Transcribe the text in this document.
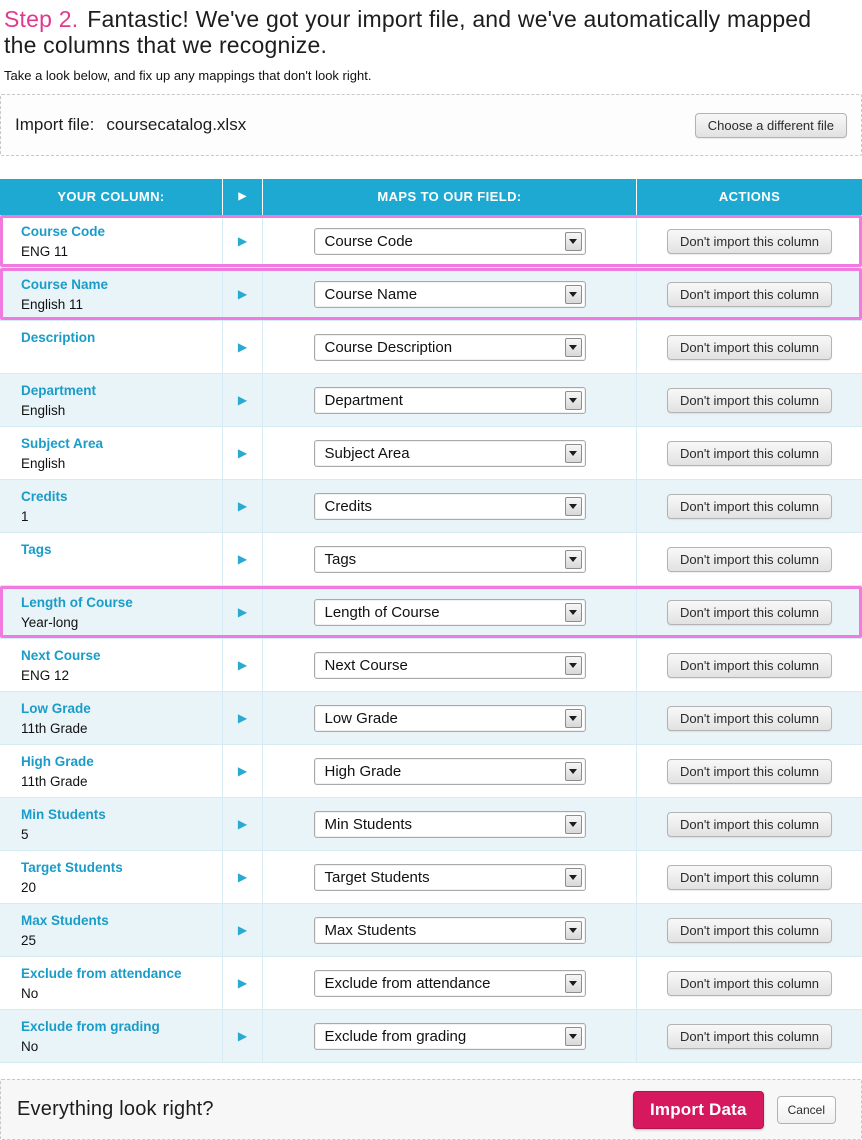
Step 2. Fantastic! We've got your import file, and we've automatically mapped the columns that we recognize.

Take a look below, and fix up any mappings that don't look right.

Import file: coursecatalog.xlsx	Choose a different file
YOUR COLUMN:	▶	MAPS TO OUR FIELD:	ACTIONS
Course Code
ENG 11
▶	Course Code	Don't import this column
Course Name
English 11
▶	Course Name	Don't import this column
Description
▶	Course Description	Don't import this column
Department
English
▶	Department	Don't import this column
Subject Area
English
▶	Subject Area	Don't import this column
Credits
1
▶	Credits	Don't import this column
Tags
▶	Tags	Don't import this column
Length of Course
Year-long
▶	Length of Course	Don't import this column
Next Course
ENG 12
▶	Next Course	Don't import this column
Low Grade
11th Grade
▶	Low Grade	Don't import this column
High Grade
11th Grade
▶	High Grade	Don't import this column
Min Students
5
▶	Min Students	Don't import this column
Target Students
20
▶	Target Students	Don't import this column
Max Students
25
▶	Max Students	Don't import this column
Exclude from attendance
No
▶	Exclude from attendance	Don't import this column
Exclude from grading
No
▶	Exclude from grading	Don't import this column
Everything look right?	Import Data	Cancel
